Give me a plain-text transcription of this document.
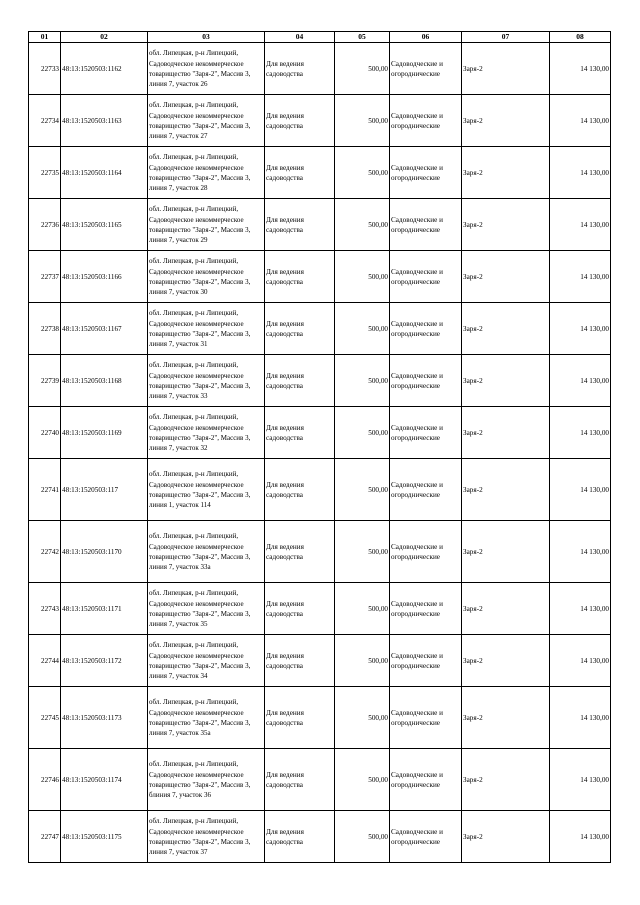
01	02	03	04	05	06	07	08
22733	48:13:1520503:1162	обл. Липецкая, р-н Липецкий, Садоводческое некоммерческое товарищество "Заря-2", Массив 3, линия 7, участок 26	Для ведения садоводства	500,00	Садоводческие и огороднические	Заря-2	14 130,00
22734	48:13:1520503:1163	обл. Липецкая, р-н Липецкий, Садоводческое некоммерческое товарищество "Заря-2", Массив 3, линия 7, участок 27	Для ведения садоводства	500,00	Садоводческие и огороднические	Заря-2	14 130,00
22735	48:13:1520503:1164	обл. Липецкая, р-н Липецкий, Садоводческое некоммерческое товарищество "Заря-2", Массив 3, линия 7, участок 28	Для ведения садоводства	500,00	Садоводческие и огороднические	Заря-2	14 130,00
22736	48:13:1520503:1165	обл. Липецкая, р-н Липецкий, Садоводческое некоммерческое товарищество "Заря-2", Массив 3, линия 7, участок 29	Для ведения садоводства	500,00	Садоводческие и огороднические	Заря-2	14 130,00
22737	48:13:1520503:1166	обл. Липецкая, р-н Липецкий, Садоводческое некоммерческое товарищество "Заря-2", Массив 3, линия 7, участок 30	Для ведения садоводства	500,00	Садоводческие и огороднические	Заря-2	14 130,00
22738	48:13:1520503:1167	обл. Липецкая, р-н Липецкий, Садоводческое некоммерческое товарищество "Заря-2", Массив 3, линия 7, участок 31	Для ведения садоводства	500,00	Садоводческие и огороднические	Заря-2	14 130,00
22739	48:13:1520503:1168	обл. Липецкая, р-н Липецкий, Садоводческое некоммерческое товарищество "Заря-2", Массив 3, линия 7, участок 33	Для ведения садоводства	500,00	Садоводческие и огороднические	Заря-2	14 130,00
22740	48:13:1520503:1169	обл. Липецкая, р-н Липецкий, Садоводческое некоммерческое товарищество "Заря-2", Массив 3, линия 7, участок 32	Для ведения садоводства	500,00	Садоводческие и огороднические	Заря-2	14 130,00
22741	48:13:1520503:117	обл. Липецкая, р-н Липецкий, Садоводческое некоммерческое товарищество "Заря-2", Массив 3, линия 1, участок 114	Для ведения садоводства	500,00	Садоводческие и огороднические	Заря-2	14 130,00
22742	48:13:1520503:1170	обл. Липецкая, р-н Липецкий, Садоводческое некоммерческое товарищество "Заря-2", Массив 3, линия 7, участок 33а	Для ведения садоводства	500,00	Садоводческие и огороднические	Заря-2	14 130,00
22743	48:13:1520503:1171	обл. Липецкая, р-н Липецкий, Садоводческое некоммерческое товарищество "Заря-2", Массив 3, линия 7, участок 35	Для ведения садоводства	500,00	Садоводческие и огороднические	Заря-2	14 130,00
22744	48:13:1520503:1172	обл. Липецкая, р-н Липецкий, Садоводческое некоммерческое товарищество "Заря-2", Массив 3, линия 7, участок 34	Для ведения садоводства	500,00	Садоводческие и огороднические	Заря-2	14 130,00
22745	48:13:1520503:1173	обл. Липецкая, р-н Липецкий, Садоводческое некоммерческое товарищество "Заря-2", Массив 3, линия 7, участок 35а	Для ведения садоводства	500,00	Садоводческие и огороднические	Заря-2	14 130,00
22746	48:13:1520503:1174	обл. Липецкая, р-н Липецкий, Садоводческое некоммерческое товарищество "Заря-2", Массив 3, блиния 7, участок 36	Для ведения садоводства	500,00	Садоводческие и огороднические	Заря-2	14 130,00
22747	48:13:1520503:1175	обл. Липецкая, р-н Липецкий, Садоводческое некоммерческое товарищество "Заря-2", Массив 3, линия 7, участок 37	Для ведения садоводства	500,00	Садоводческие и огороднические	Заря-2	14 130,00
